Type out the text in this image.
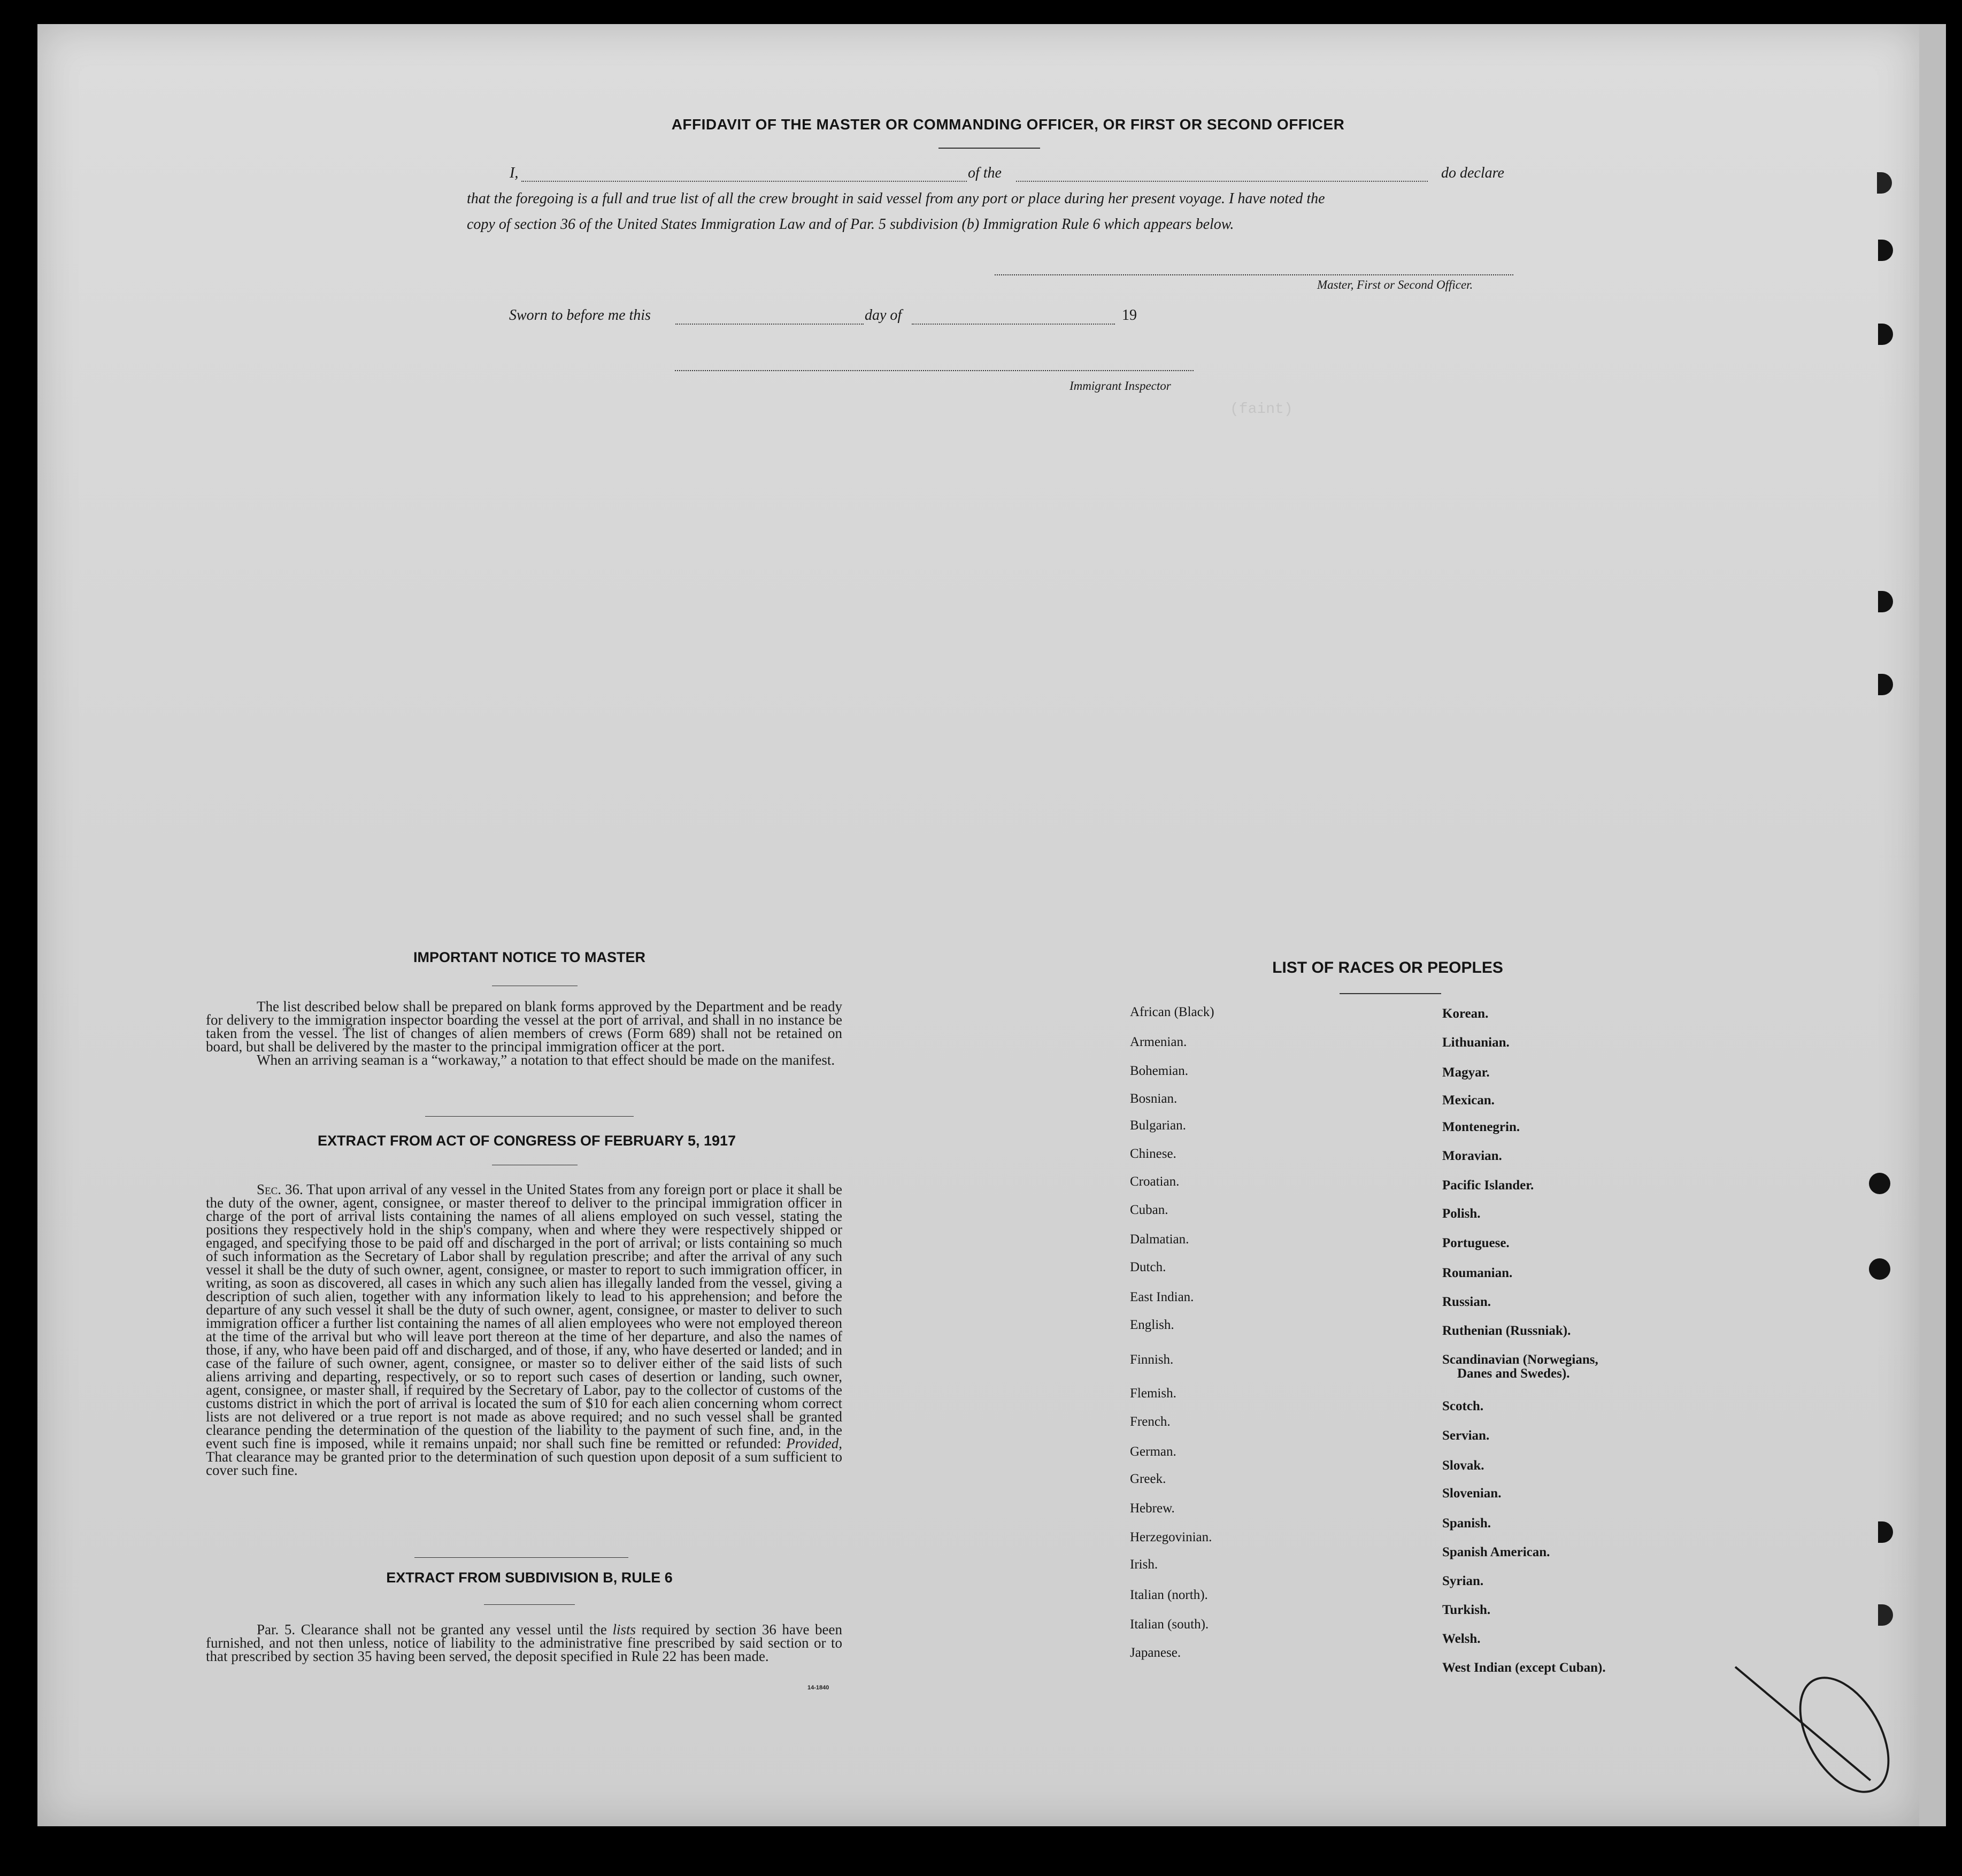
(faint)
AFFIDAVIT OF THE MASTER OR COMMANDING OFFICER, OR FIRST OR SECOND OFFICER
I,	of the	do declare
that the foregoing is a full and true list of all the crew brought in said vessel from any port or place during her present voyage. I have noted the
copy of section 36 of the United States Immigration Law and of Par. 5 subdivision (b) Immigration Rule 6 which appears below.
Master, First or Second Officer.
Sworn to before me this	day of	19
Immigrant Inspector
IMPORTANT NOTICE TO MASTER

The list described below shall be prepared on blank forms approved by the Department and be ready for delivery to the immigration inspector boarding the vessel at the port of arrival, and shall in no instance be taken from the vessel. The list of changes of alien members of crews (Form 689) shall not be retained on board, but shall be delivered by the master to the principal immigration officer at the port.

When an arriving seaman is a “workaway,” a notation to that effect should be made on the manifest.

EXTRACT FROM ACT OF CONGRESS OF FEBRUARY 5, 1917

Sec. 36. That upon arrival of any vessel in the United States from any foreign port or place it shall be the duty of the owner, agent, consignee, or master thereof to deliver to the principal immigration officer in charge of the port of arrival lists containing the names of all aliens employed on such vessel, stating the positions they respectively hold in the ship's company, when and where they were respectively shipped or engaged, and specifying those to be paid off and discharged in the port of arrival; or lists containing so much of such information as the Secretary of Labor shall by regulation prescribe; and after the arrival of any such vessel it shall be the duty of such owner, agent, consignee, or master to report to such immigration officer, in writing, as soon as discovered, all cases in which any such alien has illegally landed from the vessel, giving a description of such alien, together with any information likely to lead to his apprehension; and before the departure of any such vessel it shall be the duty of such owner, agent, consignee, or master to deliver to such immigration officer a further list containing the names of all alien employees who were not employed thereon at the time of the arrival but who will leave port thereon at the time of her departure, and also the names of those, if any, who have been paid off and discharged, and of those, if any, who have deserted or landed; and in case of the failure of such owner, agent, consignee, or master so to deliver either of the said lists of such aliens arriving and departing, respectively, or so to report such cases of desertion or landing, such owner, agent, consignee, or master shall, if required by the Secretary of Labor, pay to the collector of customs of the customs district in which the port of arrival is located the sum of $10 for each alien concerning whom correct lists are not delivered or a true report is not made as above required; and no such vessel shall be granted clearance pending the determination of the question of the liability to the payment of such fine, and, in the event such fine is imposed, while it remains unpaid; nor shall such fine be remitted or refunded: Provided, That clearance may be granted prior to the determination of such question upon deposit of a sum sufficient to cover such fine.

EXTRACT FROM SUBDIVISION B, RULE 6

Par. 5. Clearance shall not be granted any vessel until the lists required by section 36 have been furnished, and not then unless, notice of liability to the administrative fine prescribed by said section or to that prescribed by section 35 having been served, the deposit specified in Rule 22 has been made.

14-1840
LIST OF RACES OR PEOPLES
African (Black)
Armenian.
Bohemian.
Bosnian.
Bulgarian.
Chinese.
Croatian.
Cuban.
Dalmatian.
Dutch.
East Indian.
English.
Finnish.
Flemish.
French.
German.
Greek.
Hebrew.
Herzegovinian.
Irish.
Italian (north).
Italian (south).
Japanese.
Korean.
Lithuanian.
Magyar.
Mexican.
Montenegrin.
Moravian.
Pacific Islander.
Polish.
Portuguese.
Roumanian.
Russian.
Ruthenian (Russniak).
Scandinavian (Norwegians,
Danes and Swedes).
Scotch.
Servian.
Slovak.
Slovenian.
Spanish.
Spanish American.
Syrian.
Turkish.
Welsh.
West Indian (except Cuban).
